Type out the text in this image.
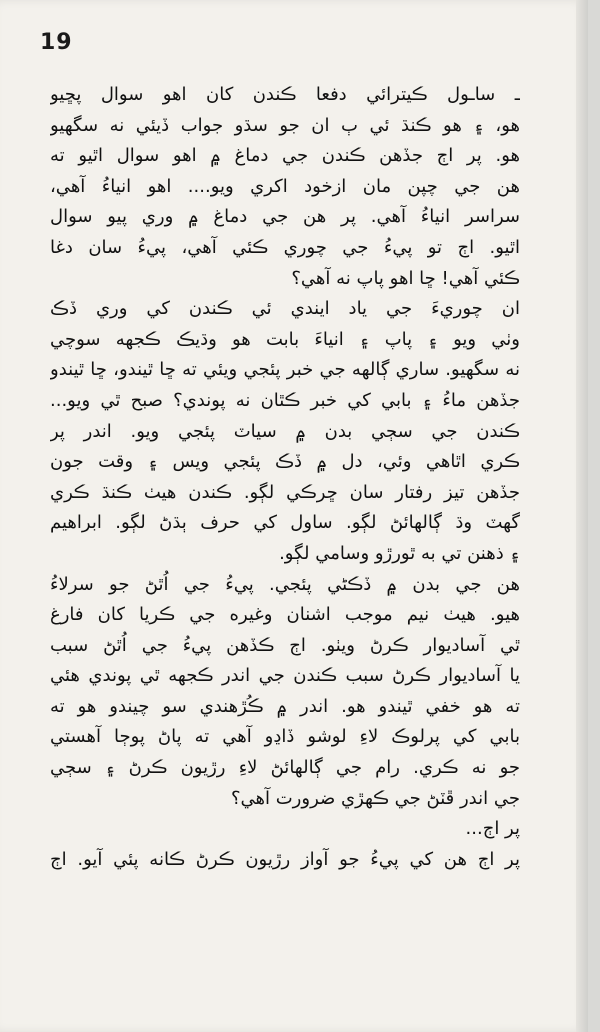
19
ـ ساـول ڪيترائي دفعا ڪندن کان اهو سوال پڇيو
هو، ۽ هو ڪنڌ ئي ٻ ان جو سڌو جواب ڏيئي نه سگهيو
هو. پر اڄ جڏهن ڪندن جي دماغ ۾ اهو سوال اٿيو ته
هن جي چپن مان ازخود اکري ويو.... اهو انياءُ آهي،
سراسر انياءُ آهي. پر هن جي دماغ ۾ وري پيو سوال
اٿيو. اڄ تو پيءُ جي چوري ڪئي آهي، پيءُ سان دغا
ڪئي آهي! ڇا اهو پاپ نه آهي؟
ان چوريءَ جي ياد ايندي ئي ڪندن کي وري ڏڪ
وٺي ويو ۽ پاپ ۽ انياءَ بابت هو وڌيڪ ڪجهه سوچي
نه سگهيو. ساري ڳالهه جي خبر پئجي ويئي ته ڇا ٿيندو، ڇا ٿيندو
جڏهن ماءُ ۽ بابي کي خبر ڪٿان نه پوندي؟ صبح ٿي ويو...
ڪندن جي سڄي بدن ۾ سياٽ پئجي ويو. اندر پر
ڪري اٿاهي وئي، دل ۾ ڏڪ پئجي ويس ۽ وقت جون
جڏهن تيز رفتار سان ڇرڪي لڳو. ڪندن هيٺ ڪنڌ ڪري
گهٽ وڌ ڳالهائڻ لڳو. ساول کي حرف ٻڌڻ لڳو. ابراهيم
۽ ذهنن تي به ٿورڙو وسامي لڳو.
هن جي بدن ۾ ڏڪڻي پئجي. پيءُ جي اُٿڻ جو سرلاءُ
هيو. هيٺ نيم موجب اشنان وغيره جي ڪريا کان فارغ
ٿي آساديوار ڪرڻ ويٺو. اڄ ڪڏهن پيءُ جي اُٿڻ سبب
يا آساديوار ڪرڻ سبب ڪندن جي اندر ڪجهه ٿي پوندي هئي
ته هو خفي ٿيندو هو. اندر ۾ ڪُڙهندي سو چيندو هو ته
بابي کي پرلوڪ لاءِ لوشو ڏاڍو آهي ته پاڻ پوڄا آهستي
جو نه ڪري. رام جي ڳالهائڻ لاءِ رڙيون ڪرڻ ۽ سڄي
جي اندر ڦٽڻ جي ڪهڙي ضرورت آهي؟
پر اڄ...
پر اڄ هن کي پيءُ جو آواز رڙيون ڪرڻ ڪانه پئي آيو. اڄ
